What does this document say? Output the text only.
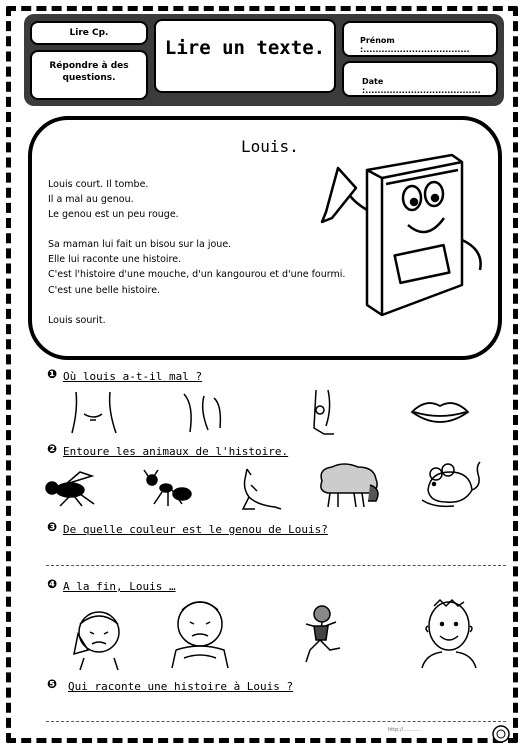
Lire Cp.
Répondre à des questions.
Lire un texte.	Prénom :...................................
Date :......................................
Louis.
Louis court. Il tombe.
Il a mal au genou.
Le genou est un peu rouge.
Sa maman lui fait un bisou sur la joue.
Elle lui raconte une histoire.
C'est l'histoire d'une mouche, d'un kangourou et d'une fourmi.
C'est une belle histoire.
Louis sourit.
❶ Où louis a-t-il mal ?
❷ Entoure les animaux de l'histoire.
❸ De quelle couleur est le genou de Louis?
❹ A la fin, Louis …
❺ Qui raconte une histoire à Louis ?
http://...........
